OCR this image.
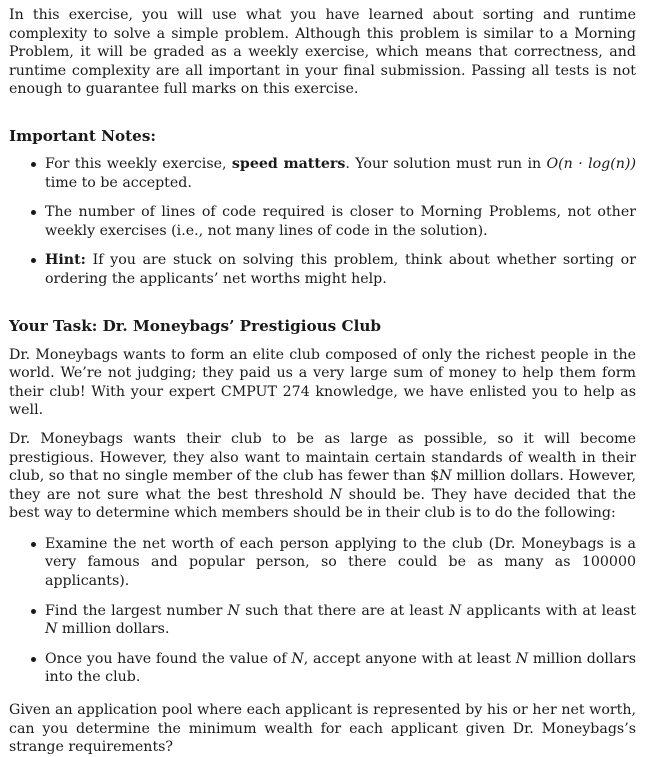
In this exercise, you will use what you have learned about sorting and runtime complexity to solve a simple problem. Although this problem is similar to a Morning Problem, it will be graded as a weekly exercise, which means that correctness, and runtime complexity are all important in your final submission. Passing all tests is not enough to guarantee full marks on this exercise.

Important Notes:
For this weekly exercise, speed matters. Your solution must run in O(n · log(n)) time to be accepted.
The number of lines of code required is closer to Morning Problems, not other weekly exercises (i.e., not many lines of code in the solution).
Hint: If you are stuck on solving this problem, think about whether sorting or ordering the applicants’ net worths might help.
Your Task: Dr. Moneybags’ Prestigious Club

Dr. Moneybags wants to form an elite club composed of only the richest people in the world. We’re not judging; they paid us a very large sum of money to help them form their club! With your expert CMPUT 274 knowledge, we have enlisted you to help as well.

Dr. Moneybags wants their club to be as large as possible, so it will become prestigious. However, they also want to maintain certain standards of wealth in their club, so that no single member of the club has fewer than $N million dollars. However, they are not sure what the best threshold N should be. They have decided that the best way to determine which members should be in their club is to do the following:

Examine the net worth of each person applying to the club (Dr. Moneybags is a very famous and popular person, so there could be as many as 100000 applicants).
Find the largest number N such that there are at least N applicants with at least N million dollars.
Once you have found the value of N, accept anyone with at least N million dollars into the club.

Given an application pool where each applicant is represented by his or her net worth, can you determine the minimum wealth for each applicant given Dr. Moneybags’s strange requirements?
